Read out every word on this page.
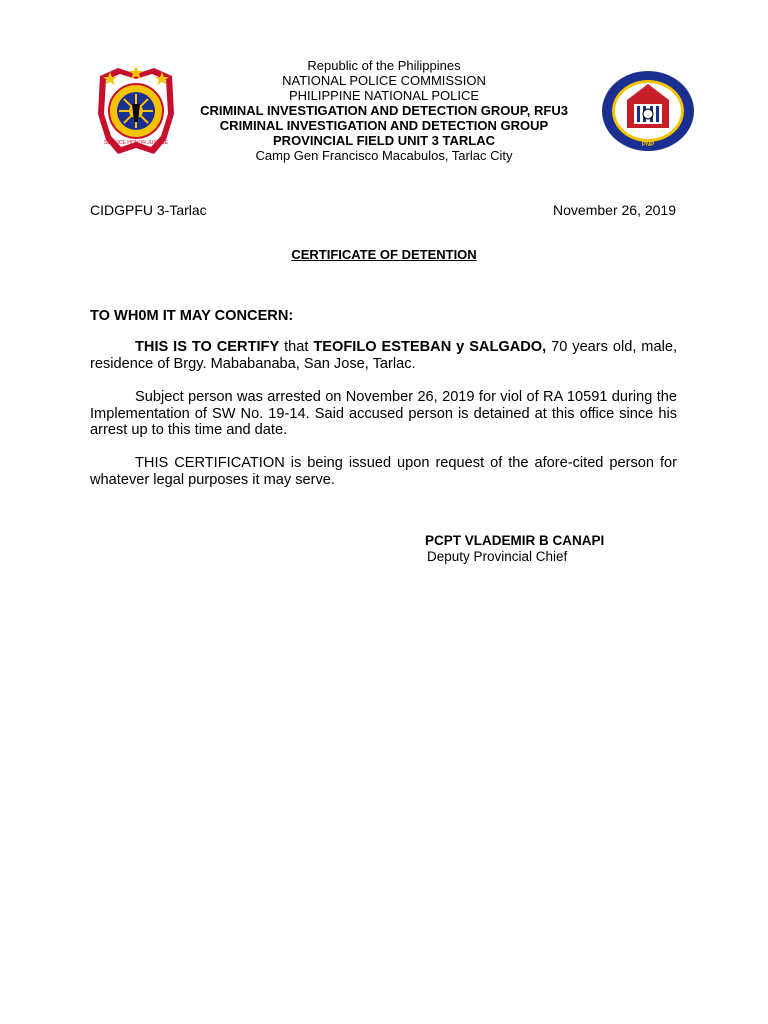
SERVICE HONOR JUSTICE	PNP
Republic of the Philippines
NATIONAL POLICE COMMISSION
PHILIPPINE NATIONAL POLICE
CRIMINAL INVESTIGATION AND DETECTION GROUP, RFU3
CRIMINAL INVESTIGATION AND DETECTION GROUP
PROVINCIAL FIELD UNIT 3 TARLAC
Camp Gen Francisco Macabulos, Tarlac City
CIDGPFU 3-Tarlac	November 26, 2019
CERTIFICATE OF DETENTION
TO WH0M IT MAY CONCERN:
THIS IS TO CERTIFY that TEOFILO ESTEBAN y SALGADO, 70 years old, male, residence of Brgy. Mababanaba, San Jose, Tarlac.
Subject person was arrested on November 26, 2019 for viol of RA 10591 during the Implementation of SW No. 19-14. Said accused person is detained at this office since his arrest up to this time and date.
THIS CERTIFICATION is being issued upon request of the afore-cited person for whatever legal purposes it may serve.
PCPT VLADEMIR B CANAPI
Deputy Provincial Chief
